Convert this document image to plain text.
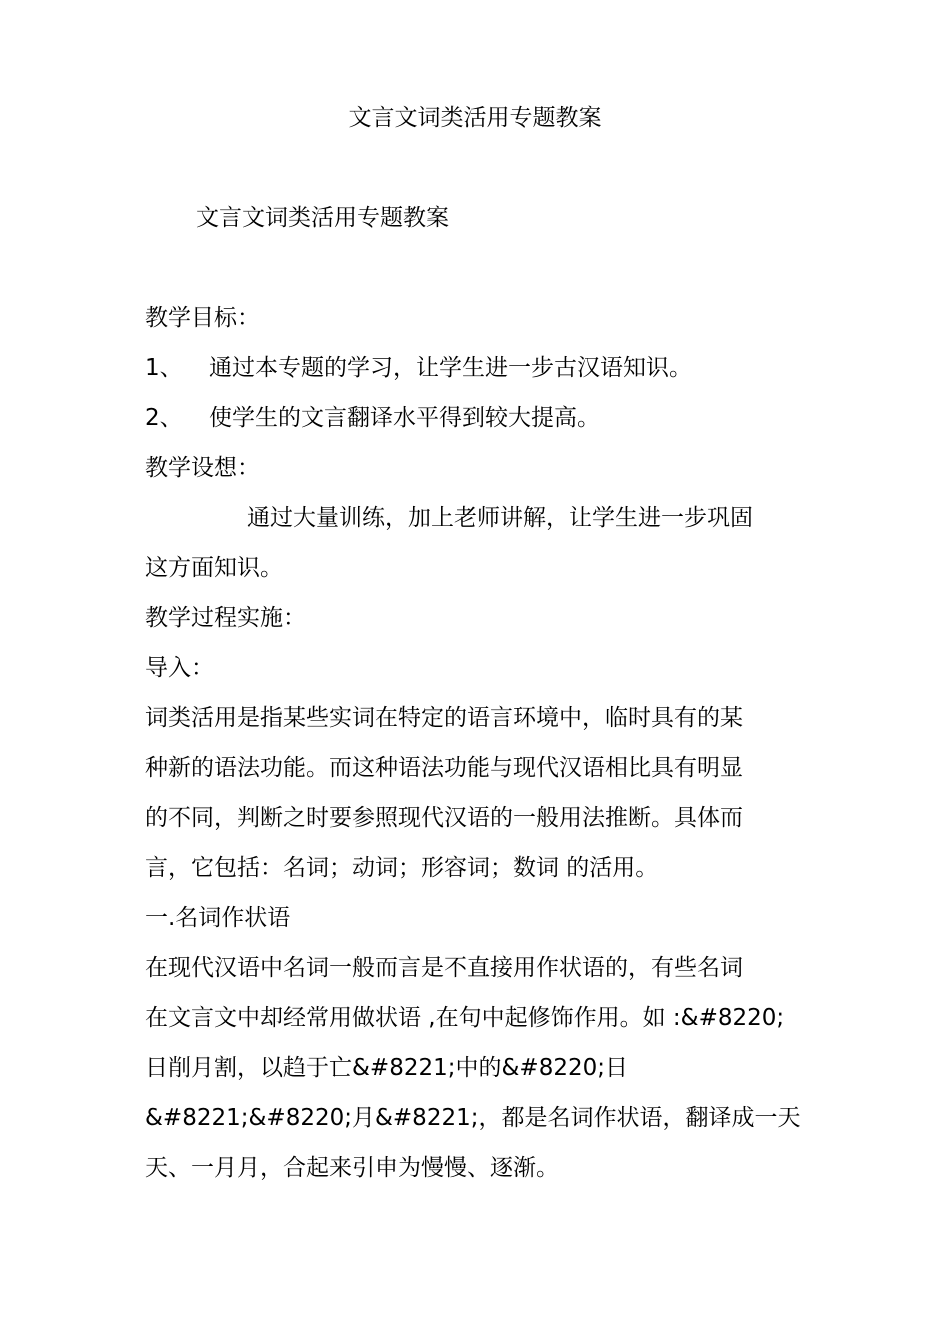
文言文词类活用专题教案
文言文词类活用专题教案
教学目标：
1、 通过本专题的学习，让学生进一步古汉语知识。
2、 使学生的文言翻译水平得到较大提高。
教学设想：
通过大量训练，加上老师讲解，让学生进一步巩固
这方面知识。
教学过程实施：
导入：
词类活用是指某些实词在特定的语言环境中，临时具有的某
种新的语法功能。而这种语法功能与现代汉语相比具有明显
的不同，判断之时要参照现代汉语的一般用法推断。具体而
言，它包括：名词；动词；形容词；数词 的活用。
一.名词作状语
在现代汉语中名词一般而言是不直接用作状语的，有些名词
在文言文中却经常用做状语 ,在句中起修饰作用。如 :&#8220;
日削月割，以趋于亡&#8221;中的&#8220;日
&#8221;&#8220;月&#8221;，都是名词作状语，翻译成一天
天、一月月，合起来引申为慢慢、逐渐。
